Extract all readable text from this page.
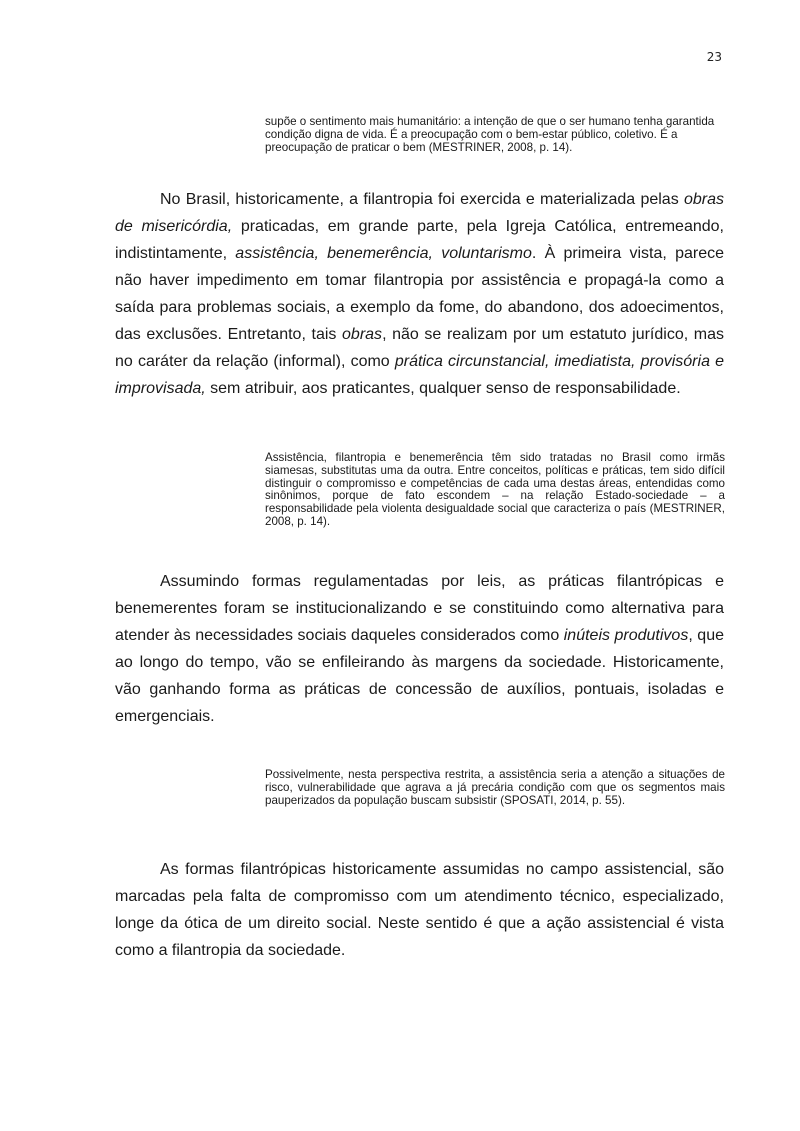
23
supõe o sentimento mais humanitário: a intenção de que o ser humano tenha garantida condição digna de vida. É a preocupação com o bem-estar público, coletivo. É a preocupação de praticar o bem (MESTRINER, 2008, p. 14).

No Brasil, historicamente, a filantropia foi exercida e materializada pelas obras de misericórdia, praticadas, em grande parte, pela Igreja Católica, entremeando, indistintamente, assistência, benemerência, voluntarismo. À primeira vista, parece não haver impedimento em tomar filantropia por assistência e propagá-la como a saída para problemas sociais, a exemplo da fome, do abandono, dos adoecimentos, das exclusões. Entretanto, tais obras, não se realizam por um estatuto jurídico, mas no caráter da relação (informal), como prática circunstancial, imediatista, provisória e improvisada, sem atribuir, aos praticantes, qualquer senso de responsabilidade.

Assistência, filantropia e benemerência têm sido tratadas no Brasil como irmãs siamesas, substitutas uma da outra. Entre conceitos, políticas e práticas, tem sido difícil distinguir o compromisso e competências de cada uma destas áreas, entendidas como sinônimos, porque de fato escondem – na relação Estado-sociedade – a responsabilidade pela violenta desigualdade social que caracteriza o país (MESTRINER, 2008, p. 14).

Assumindo formas regulamentadas por leis, as práticas filantrópicas e benemerentes foram se institucionalizando e se constituindo como alternativa para atender às necessidades sociais daqueles considerados como inúteis produtivos, que ao longo do tempo, vão se enfileirando às margens da sociedade. Historicamente, vão ganhando forma as práticas de concessão de auxílios, pontuais, isoladas e emergenciais.

Possivelmente, nesta perspectiva restrita, a assistência seria a atenção a situações de risco, vulnerabilidade que agrava a já precária condição com que os segmentos mais pauperizados da população buscam subsistir (SPOSATI, 2014, p. 55).

As formas filantrópicas historicamente assumidas no campo assistencial, são marcadas pela falta de compromisso com um atendimento técnico, especializado, longe da ótica de um direito social. Neste sentido é que a ação assistencial é vista como a filantropia da sociedade.
